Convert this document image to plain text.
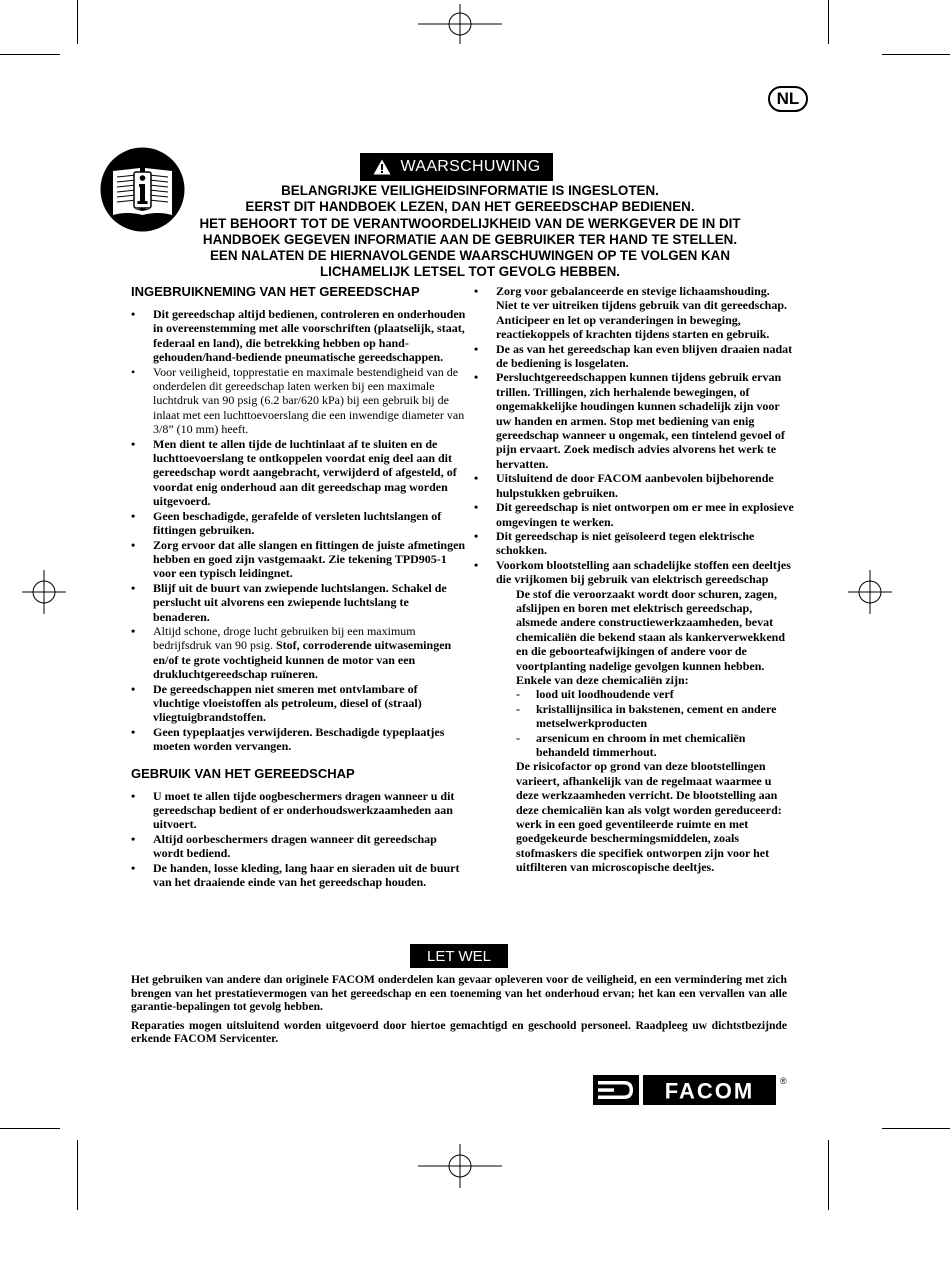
NL
WAARSCHUWING
BELANGRIJKE VEILIGHEIDSINFORMATIE IS INGESLOTEN.
EERST DIT HANDBOEK LEZEN, DAN HET GEREEDSCHAP BEDIENEN.
HET BEHOORT TOT DE VERANTWOORDELIJKHEID VAN DE WERKGEVER DE IN DIT
HANDBOEK GEGEVEN INFORMATIE AAN DE GEBRUIKER TER HAND TE STELLEN.
EEN NALATEN DE HIERNAVOLGENDE WAARSCHUWINGEN OP TE VOLGEN KAN
LICHAMELIJK LETSEL TOT GEVOLG HEBBEN.
INGEBRUIKNEMING VAN HET GEREEDSCHAP
• Dit gereedschap altijd bedienen, controleren en onderhouden in overeenstemming met alle voorschriften (plaatselijk, staat, federaal en land), die betrekking hebben op hand-gehouden/hand-bediende pneumatische gereedschappen.
• Voor veiligheid, topprestatie en maximale bestendigheid van de onderdelen dit gereedschap laten werken bij een maximale luchtdruk van 90 psig (6.2 bar/620 kPa) bij een gebruik bij de inlaat met een luchttoevoerslang die een inwendige diameter van 3/8” (10 mm) heeft.
• Men dient te allen tijde de luchtinlaat af te sluiten en de luchttoevoerslang te ontkoppelen voordat enig deel aan dit gereedschap wordt aangebracht, verwijderd of afgesteld, of voordat enig onderhoud aan dit gereedschap mag worden uitgevoerd.
• Geen beschadigde, gerafelde of versleten luchtslangen of fittingen gebruiken.
• Zorg ervoor dat alle slangen en fittingen de juiste afmetingen hebben en goed zijn vastgemaakt. Zie tekening TPD905-1 voor een typisch leidingnet.
• Blijf uit de buurt van zwiepende luchtslangen. Schakel de perslucht uit alvorens een zwiepende luchtslang te benaderen.
• Altijd schone, droge lucht gebruiken bij een maximum bedrijfsdruk van 90 psig. Stof, corroderende uitwasemingen en/of te grote vochtigheid kunnen de motor van een drukluchtgereedschap ruïneren.
• De gereedschappen niet smeren met ontvlambare of vluchtige vloeistoffen als petroleum, diesel of (straal) vliegtuigbrandstoffen.
• Geen typeplaatjes verwijderen. Beschadigde typeplaatjes moeten worden vervangen.
GEBRUIK VAN HET GEREEDSCHAP
• U moet te allen tijde oogbeschermers dragen wanneer u dit gereedschap bedient of er onderhoudswerkzaamheden aan uitvoert.
• Altijd oorbeschermers dragen wanneer dit gereedschap wordt bediend.
• De handen, losse kleding, lang haar en sieraden uit de buurt van het draaiende einde van het gereedschap houden.
• Zorg voor gebalanceerde en stevige lichaamshouding. Niet te ver uitreiken tijdens gebruik van dit gereedschap. Anticipeer en let op veranderingen in beweging, reactiekoppels of krachten tijdens starten en gebruik.
• De as van het gereedschap kan even blijven draaien nadat de bediening is losgelaten.
• Persluchtgereedschappen kunnen tijdens gebruik ervan trillen. Trillingen, zich herhalende bewegingen, of ongemakkelijke houdingen kunnen schadelijk zijn voor uw handen en armen. Stop met bediening van enig gereedschap wanneer u ongemak, een tintelend gevoel of pijn ervaart. Zoek medisch advies alvorens het werk te hervatten.
• Uitsluitend de door FACOM aanbevolen bijbehorende hulpstukken gebruiken.
• Dit gereedschap is niet ontworpen om er mee in explosieve omgevingen te werken.
• Dit gereedschap is niet geïsoleerd tegen elektrische schokken.
• Voorkom blootstelling aan schadelijke stoffen een deeltjes die vrijkomen bij gebruik van elektrisch gereedschap
De stof die veroorzaakt wordt door schuren, zagen, afslijpen en boren met elektrisch gereedschap, alsmede andere constructiewerkzaamheden, bevat chemicaliën die bekend staan als kankerverwekkend en die geboorteafwijkingen of andere voor de voortplanting nadelige gevolgen kunnen hebben. Enkele van deze chemicaliën zijn:
- lood uit loodhoudende verf
- kristallijnsilica in bakstenen, cement en andere metselwerkproducten
- arsenicum en chroom in met chemicaliën behandeld timmerhout.
De risicofactor op grond van deze blootstellingen varieert, afhankelijk van de regelmaat waarmee u deze werkzaamheden verricht. De blootstelling aan deze chemicaliën kan als volgt worden gereduceerd: werk in een goed geventileerde ruimte en met goedgekeurde beschermingsmiddelen, zoals stofmaskers die specifiek ontworpen zijn voor het uitfilteren van microscopische deeltjes.
LET WEL

Het gebruiken van andere dan originele FACOM onderdelen kan gevaar opleveren voor de veiligheid, en een vermindering met zich brengen van het prestatievermogen van het gereedschap en een toeneming van het onderhoud ervan; het kan een vervallen van alle garantie-bepalingen tot gevolg hebben.

Reparaties mogen uitsluitend worden uitgevoerd door hiertoe gemachtigd en geschoold personeel. Raadpleeg uw dichtstbezijnde erkende FACOM Servicenter.

FACOM	®
